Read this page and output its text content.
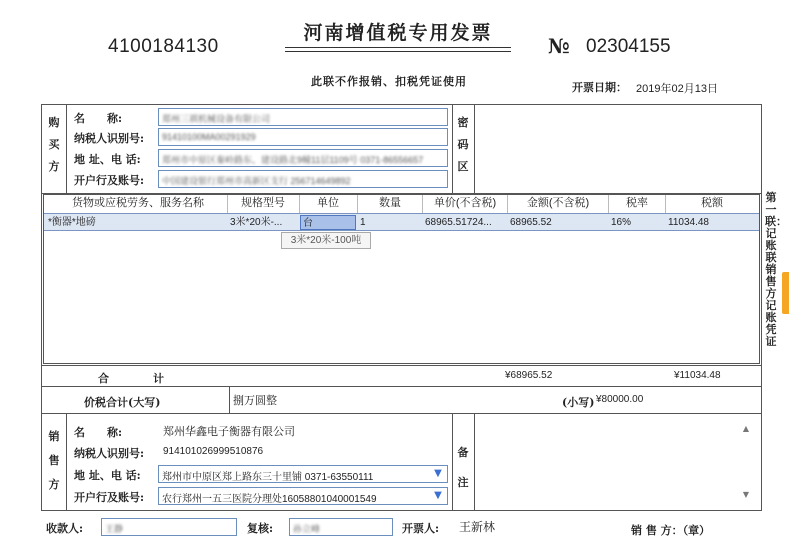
4100184130
河南增值税专用发票
№ 02304155
此联不作报销、扣税凭证使用	开票日期： 2019年02月13日
购买方
名　　称:	郑州三祺机械设备有限公司
纳税人识别号:	91410100MA00291929
地 址、电 话:	郑州市中原区秦岭路东、建设路北9幢11层1109号 0371-86556657
开户行及账号:	中国建设银行郑州市高新区支行 256714649892
密码区
货物或应税劳务、服务名称	规格型号	单位	数量	单价(不含税)	金额(不含税)	税率	税额
*衡器*地磅	3米*20米-...	台	1	68965.51724...	68965.52	16%	11034.48
3米*20米-100吨
合　　　　计	¥68965.52	¥11034.48
价税合计(大写)	捌万圆整	(小写) ¥80000.00
销售方
名　　称:	郑州华鑫电子衡器有限公司
纳税人识别号: 914101026999510876
地 址、电 话:	郑州市中原区郑上路东三十里铺 0371-63550111	▼
开户行及账号:	农行郑州一五三医院分理处16058801040001549	▼
备注
▲
▼
收款人:	王静	复核:	孙立峰	开票人: 王新林	销 售 方：（章）
第一联：记账联 销售方记账凭证
